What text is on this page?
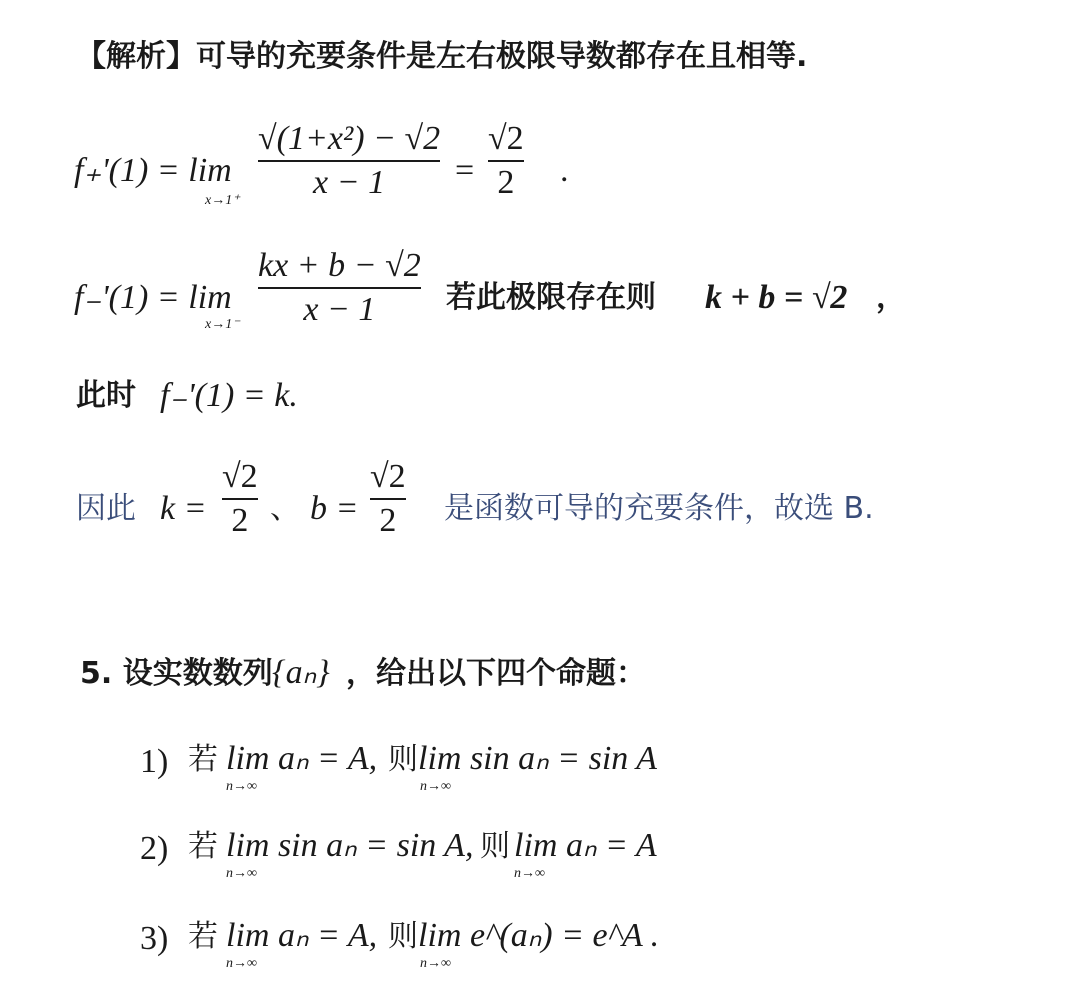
【解析】可导的充要条件是左右极限导数都存在且相等.
f₊'(1) = lim
x→1⁺
√(1+x²) − √2
x − 1 =
√2
2 .
f₋'(1) = lim
x→1⁻
kx + b − √2
x − 1 若此极限存在则 k + b = √2 ，
此时 f₋'(1) = k.
因此 k =
√2
2 、 b =
√2
2 是函数可导的充要条件，故选 B.
5. 设实数数列 {aₙ} ，给出以下四个命题：
1) 若 lim aₙ = A,
n→∞
则 lim sin aₙ = sin A
n→∞
2) 若 lim sin aₙ = sin A,
n→∞
则 lim aₙ = A
n→∞
3) 若 lim aₙ = A,
n→∞
则 lim e^(aₙ) = e^A .
n→∞
